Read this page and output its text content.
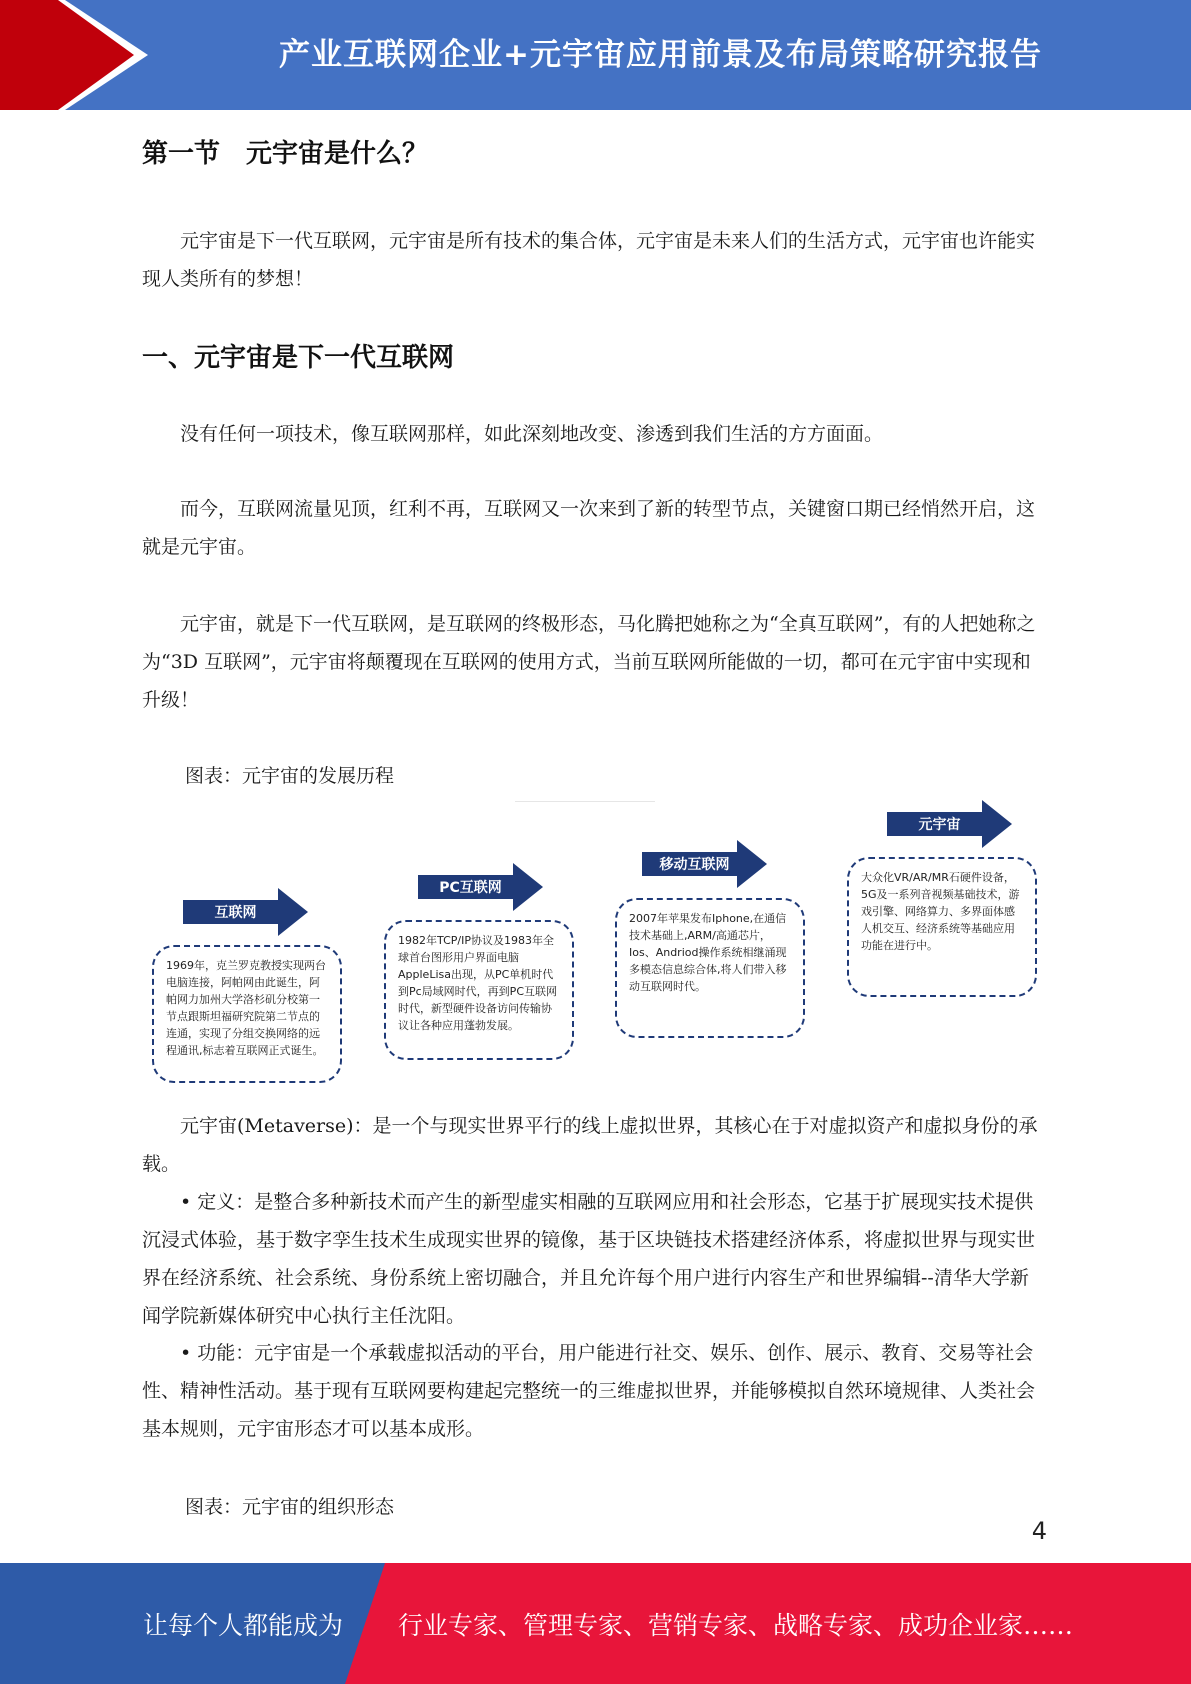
产业互联网企业+元宇宙应用前景及布局策略研究报告
第一节　元宇宙是什么？

元宇宙是下一代互联网，元宇宙是所有技术的集合体，元宇宙是未来人们的生活方式，元宇宙也许能实现人类所有的梦想！

一、元宇宙是下一代互联网

没有任何一项技术，像互联网那样，如此深刻地改变、渗透到我们生活的方方面面。

而今，互联网流量见顶，红利不再，互联网又一次来到了新的转型节点，关键窗口期已经悄然开启，这就是元宇宙。

元宇宙，就是下一代互联网，是互联网的终极形态，马化腾把她称之为“全真互联网”，有的人把她称之为“3D 互联网”，元宇宙将颠覆现在互联网的使用方式，当前互联网所能做的一切，都可在元宇宙中实现和升级！

图表：元宇宙的发展历程

互联网
1969年，克兰罗克教授实现两台电脑连接，阿帕网由此诞生，阿帕网力加州大学洛杉矶分校第一节点跟斯坦福研究院第二节点的连通，实现了分组交换网络的远程通讯,标志着互联网正式诞生。
PC互联网
1982年TCP/IP协议及1983年全球首台图形用户界面电脑AppleLisa出现，从PC单机时代到Pc局域网时代，再到PC互联网时代，新型硬件设备访问传输协议让各种应用蓬勃发展。
移动互联网
2007年苹果发布Iphone,在通信技术基础上,ARM/高通芯片，Ios、Andriod操作系统相继涌现多模态信息综合体,将人们带入移动互联网时代。
元宇宙
大众化VR/AR/MR石硬件设备，5G及一系列音视频基础技术，游戏引擎、网络算力、多界面体感人机交互、经济系统等基础应用功能在进行中。

元宇宙(Metaverse)：是一个与现实世界平行的线上虚拟世界，其核心在于对虚拟资产和虚拟身份的承载。

• 定义：是整合多种新技术而产生的新型虚实相融的互联网应用和社会形态，它基于扩展现实技术提供沉浸式体验，基于数字孪生技术生成现实世界的镜像，基于区块链技术搭建经济体系，将虚拟世界与现实世界在经济系统、社会系统、身份系统上密切融合，并且允许每个用户进行内容生产和世界编辑--清华大学新闻学院新媒体研究中心执行主任沈阳。

• 功能：元宇宙是一个承载虚拟活动的平台，用户能进行社交、娱乐、创作、展示、教育、交易等社会性、精神性活动。基于现有互联网要构建起完整统一的三维虚拟世界，并能够模拟自然环境规律、人类社会基本规则，元宇宙形态才可以基本成形。

图表：元宇宙的组织形态

4
让每个人都能成为 行业专家、管理专家、营销专家、战略专家、成功企业家……
